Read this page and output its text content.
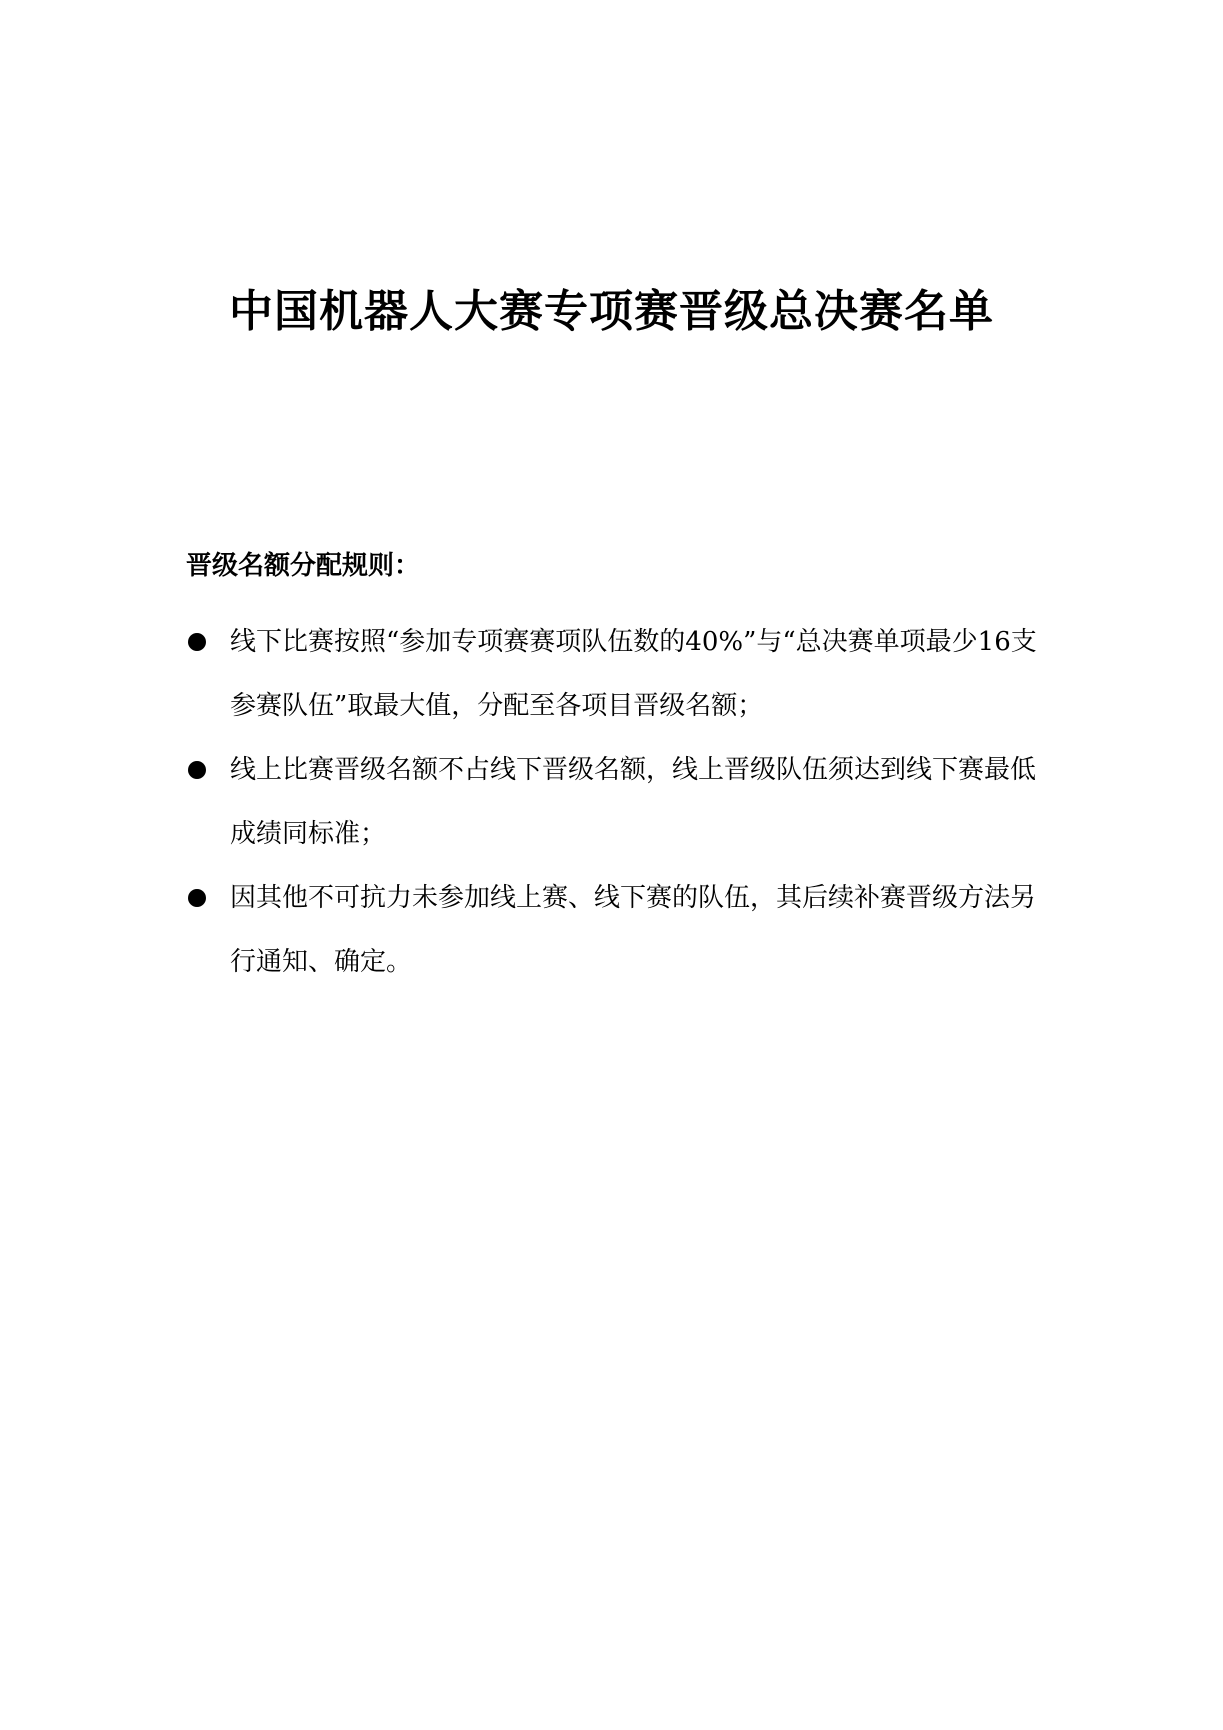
中国机器人大赛专项赛晋级总决赛名单
晋级名额分配规则：
线下比赛按照“参加专项赛赛项队伍数的40%”与“总决赛单项最少16支参赛队伍”取最大值，分配至各项目晋级名额；
线上比赛晋级名额不占线下晋级名额，线上晋级队伍须达到线下赛最低成绩同标准；
因其他不可抗力未参加线上赛、线下赛的队伍，其后续补赛晋级方法另行通知、确定。
